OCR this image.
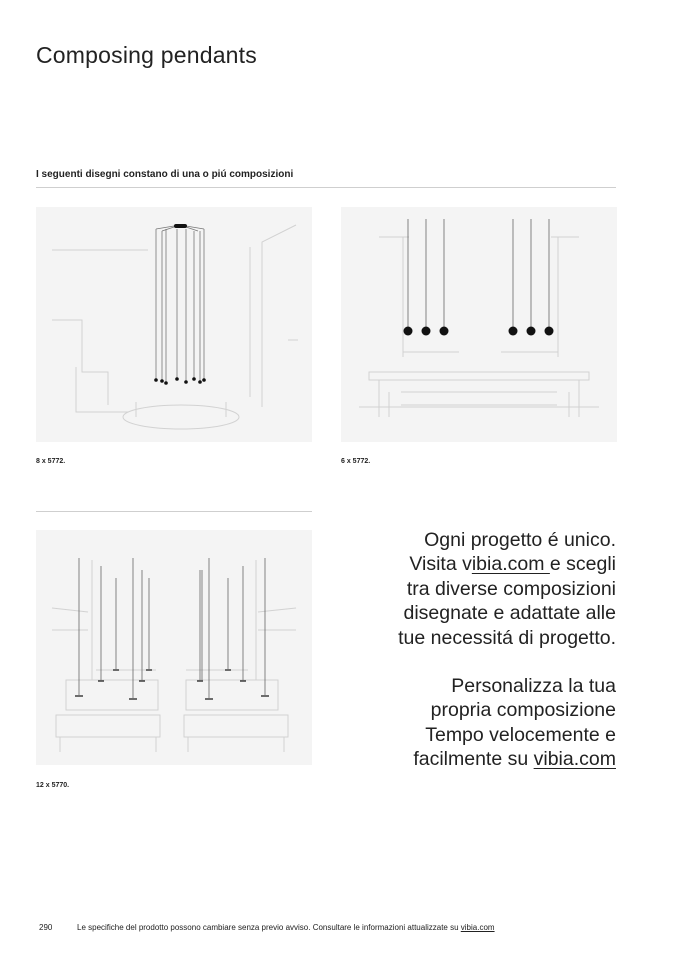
Composing pendants
I seguenti disegni constano di una o piú composizioni
8 x 5772.	6 x 5772.
12 x 5770.

Ogni progetto é unico.
Visita vibia.com e scegli
tra diverse composizioni
disegnate e adattate alle
tue necessitá di progetto.

Personalizza la tua
propria composizione
Tempo velocemente e
facilmente su vibia.com

290	Le specifiche del prodotto possono cambiare senza previo avviso. Consultare le informazioni attualizzate su vibia.com
